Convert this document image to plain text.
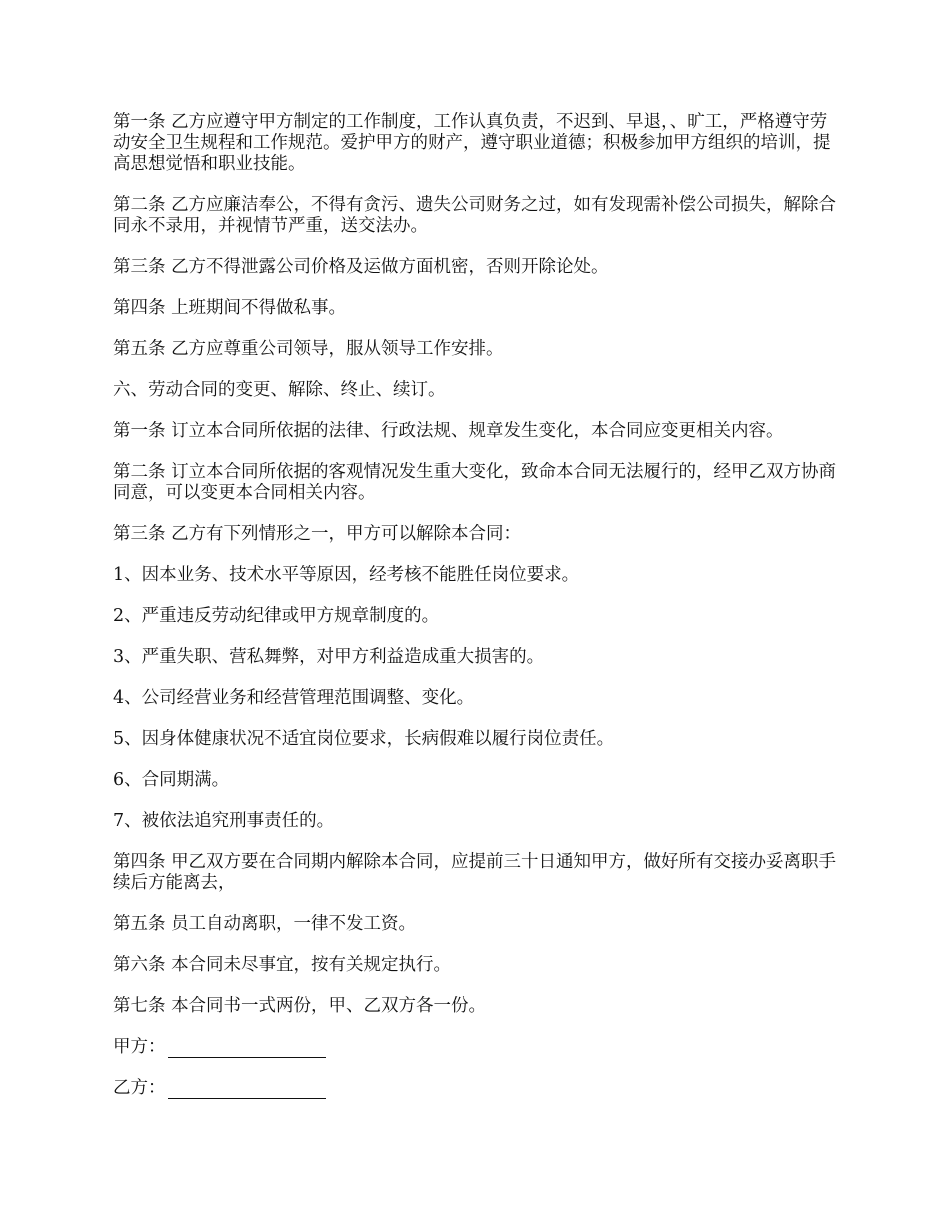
第一条 乙方应遵守甲方制定的工作制度，工作认真负责，不迟到、早退，、旷工，严格遵守劳动安全卫生规程和工作规范。爱护甲方的财产，遵守职业道德；积极参加甲方组织的培训，提高思想觉悟和职业技能。

第二条 乙方应廉洁奉公，不得有贪污、遗失公司财务之过，如有发现需补偿公司损失，解除合同永不录用，并视情节严重，送交法办。

第三条 乙方不得泄露公司价格及运做方面机密，否则开除论处。

第四条 上班期间不得做私事。

第五条 乙方应尊重公司领导，服从领导工作安排。

六、劳动合同的变更、解除、终止、续订。

第一条 订立本合同所依据的法律、行政法规、规章发生变化，本合同应变更相关内容。

第二条 订立本合同所依据的客观情况发生重大变化，致命本合同无法履行的，经甲乙双方协商同意，可以变更本合同相关内容。

第三条 乙方有下列情形之一，甲方可以解除本合同：

1、因本业务、技术水平等原因，经考核不能胜任岗位要求。

2、严重违反劳动纪律或甲方规章制度的。

3、严重失职、营私舞弊，对甲方利益造成重大损害的。

4、公司经营业务和经营管理范围调整、变化。

5、因身体健康状况不适宜岗位要求，长病假难以履行岗位责任。

6、合同期满。

7、被依法追究刑事责任的。

第四条 甲乙双方要在合同期内解除本合同，应提前三十日通知甲方，做好所有交接办妥离职手续后方能离去，

第五条 员工自动离职，一律不发工资。

第六条 本合同未尽事宜，按有关规定执行。

第七条 本合同书一式两份，甲、乙双方各一份。

甲方：
乙方：
